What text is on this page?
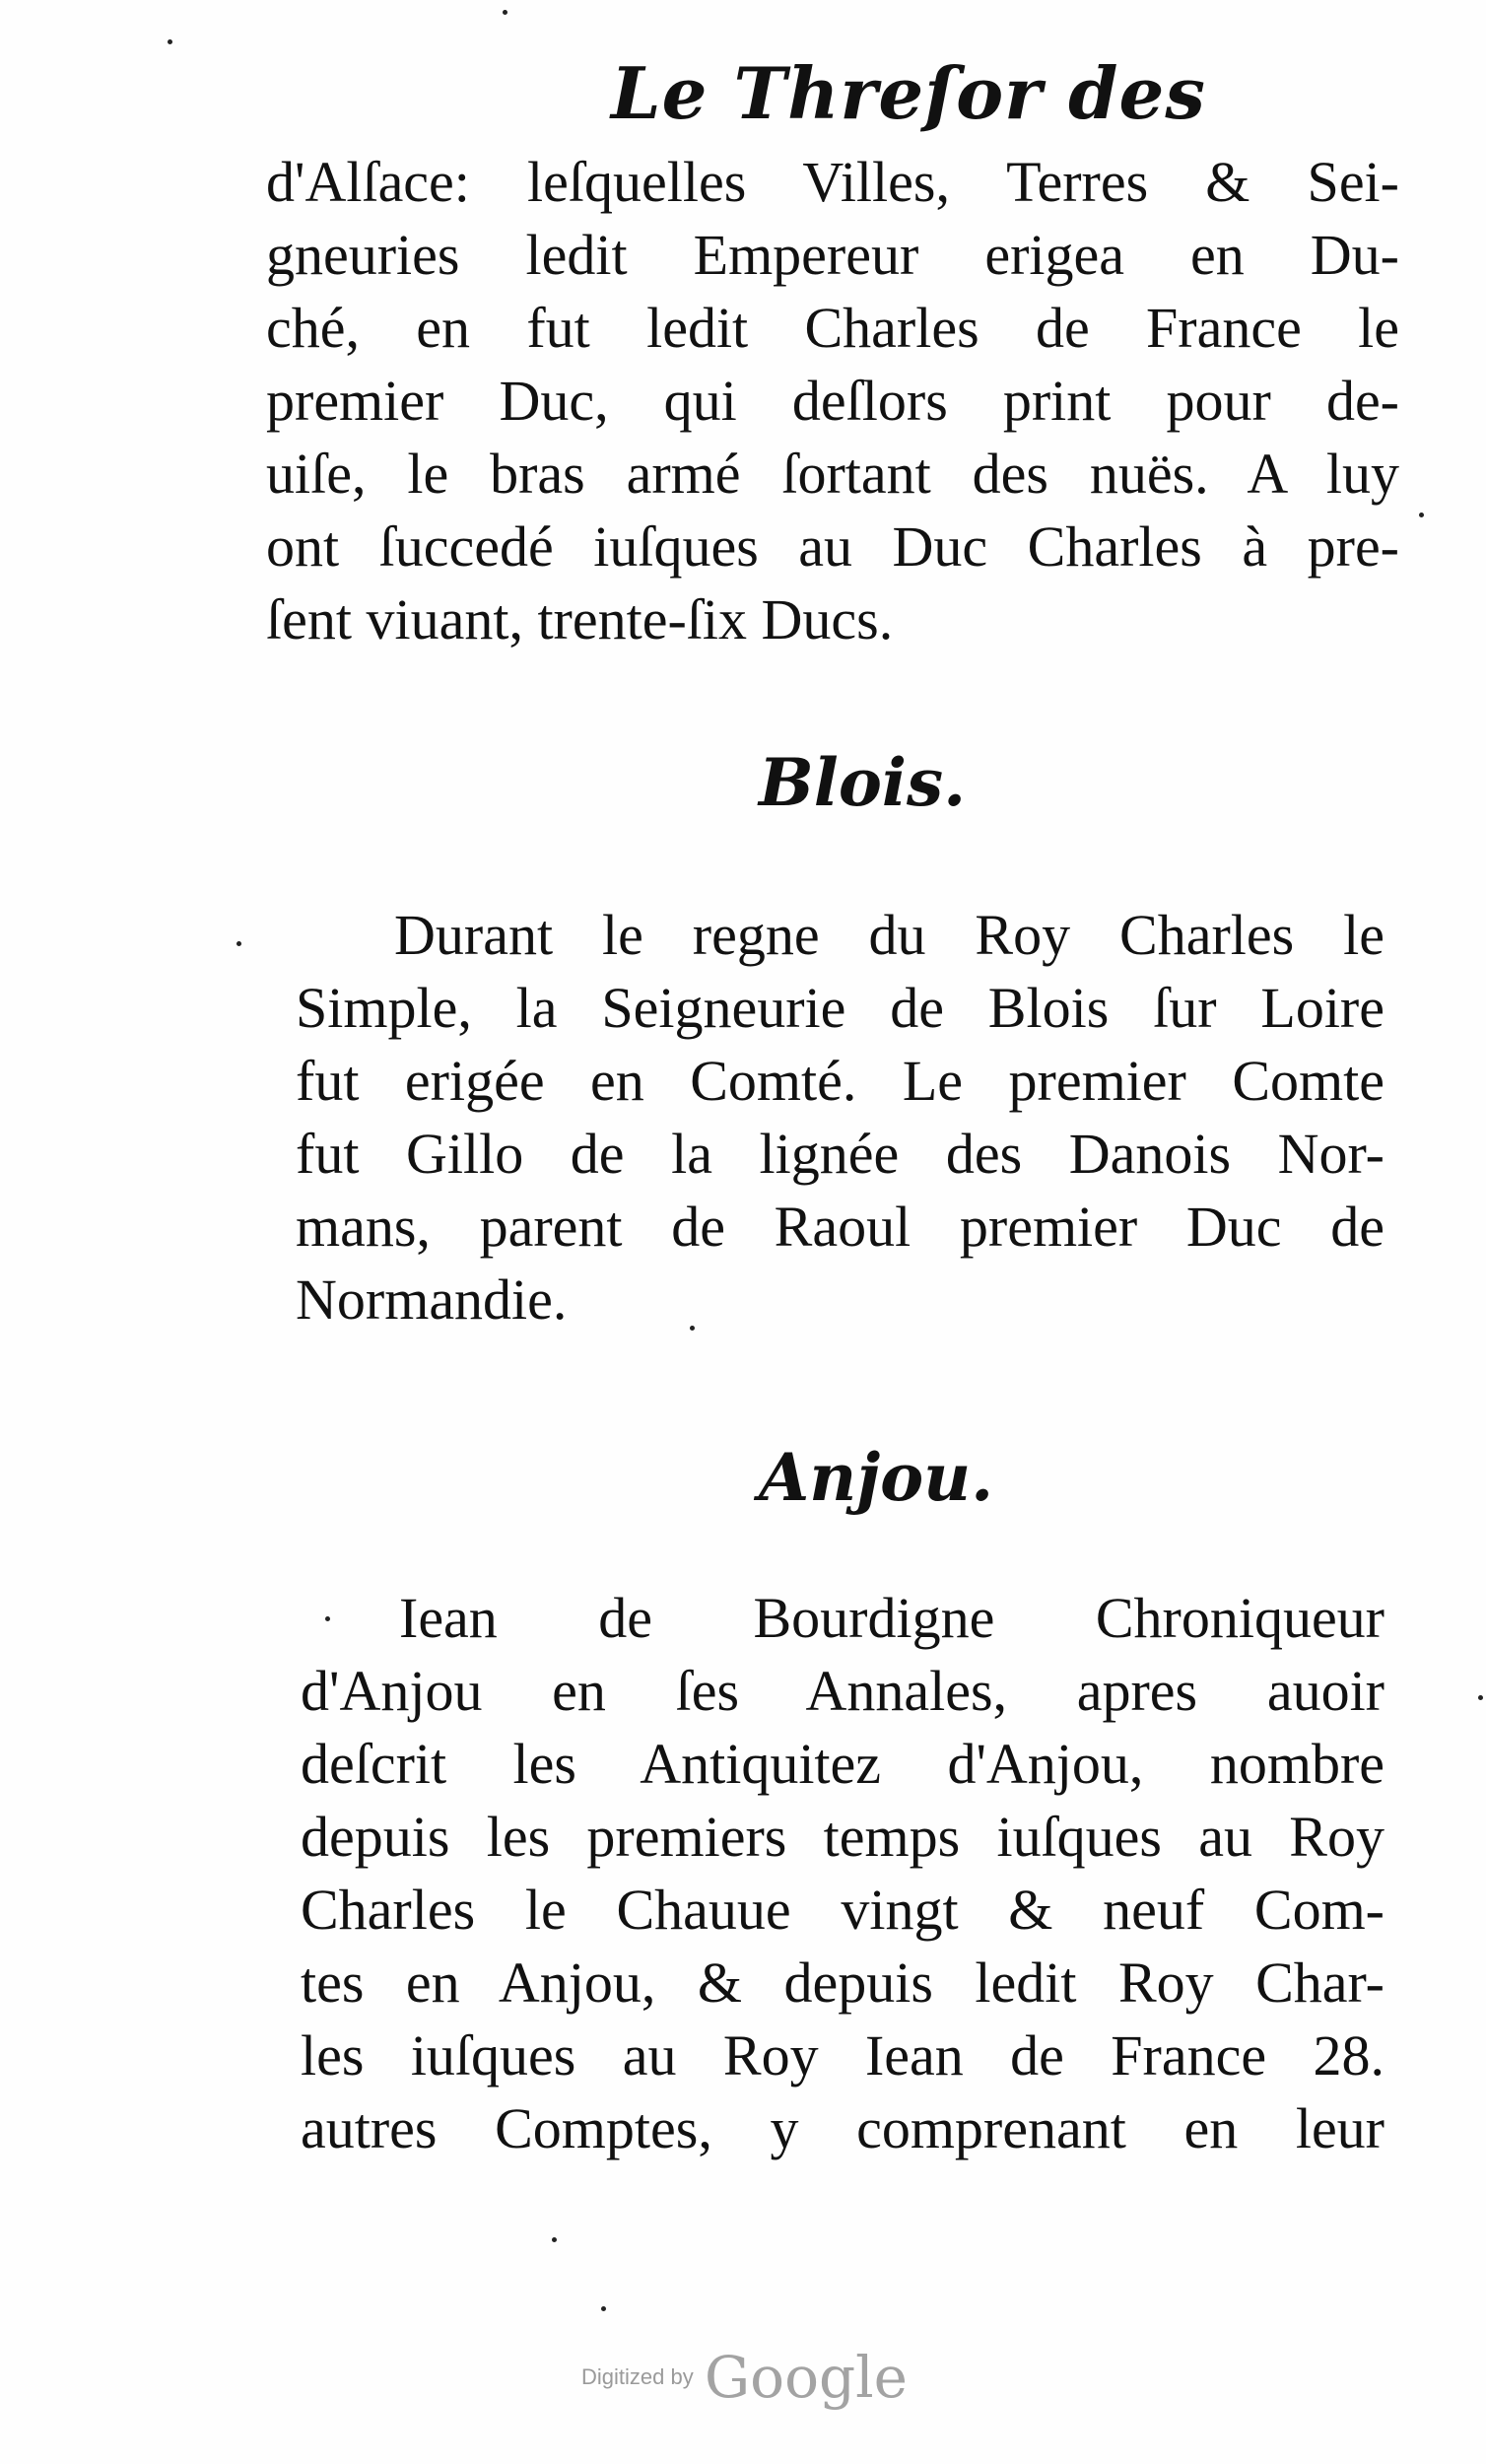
Le Threſor des
d'Alſace: leſquelles Villes, Terres & Sei-
gneuries ledit Empereur erigea en Du-
ché, en fut ledit Charles de France le
premier Duc, qui deſlors print pour de-
uiſe, le bras armé ſortant des nuës. A luy
ont ſuccedé iuſques au Duc Charles à pre-
ſent viuant, trente-ſix Ducs.
Blois.
Durant le regne du Roy Charles le
Simple, la Seigneurie de Blois ſur Loire
fut erigée en Comté. Le premier Comte
fut Gillo de la lignée des Danois Nor-
mans, parent de Raoul premier Duc de
Normandie.
Anjou.
Iean de Bourdigne Chroniqueur
d'Anjou en ſes Annales, apres auoir
deſcrit les Antiquitez d'Anjou, nombre
depuis les premiers temps iuſques au Roy
Charles le Chauue vingt & neuf Com-
tes en Anjou, & depuis ledit Roy Char-
les iuſques au Roy Iean de France 28.
autres Comptes, y comprenant en leur
Digitized by Google
